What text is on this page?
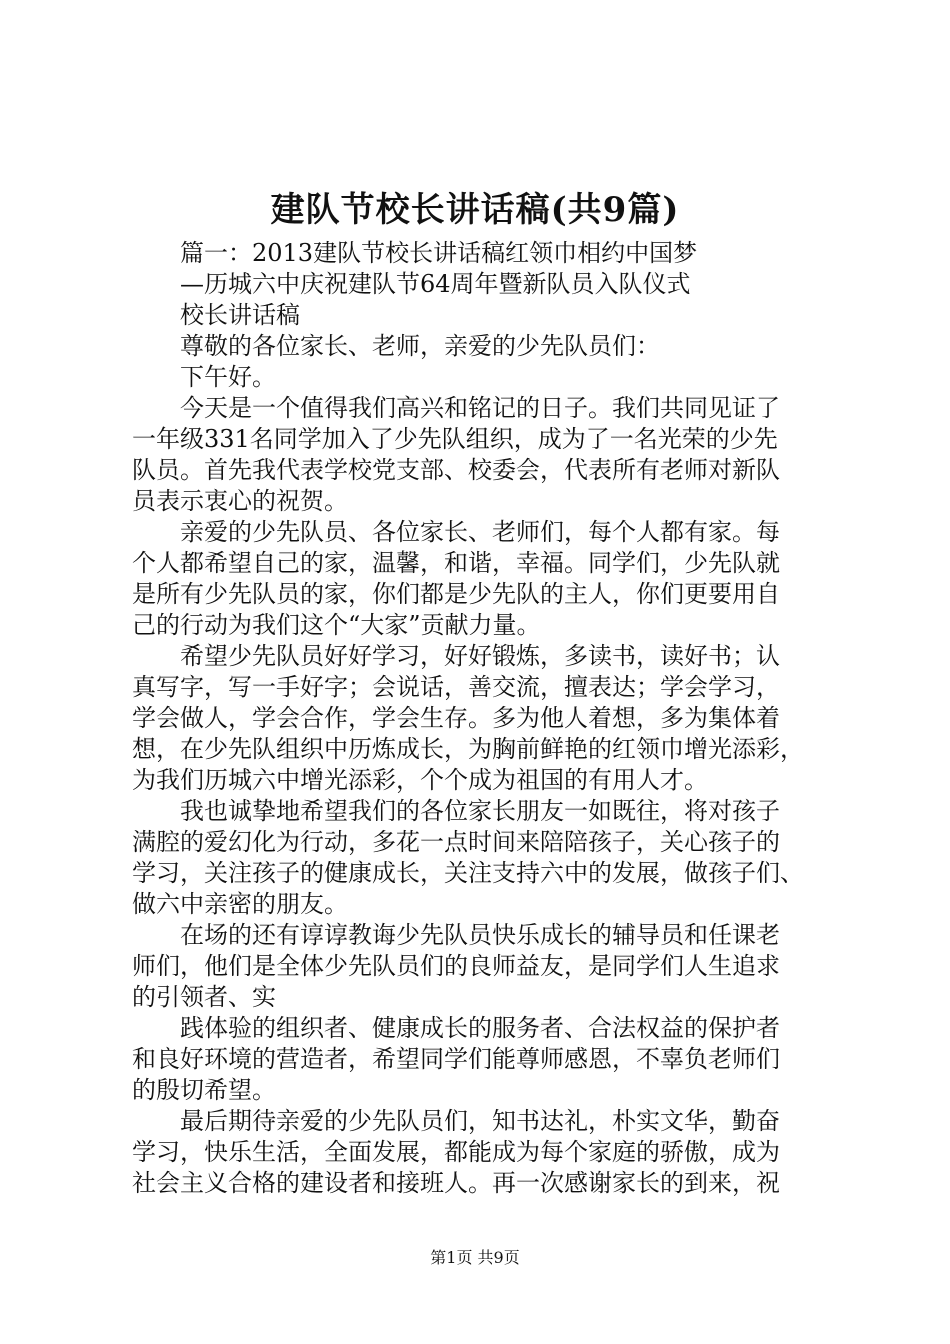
建队节校长讲话稿(共9篇)
篇一：2013建队节校长讲话稿红领巾相约中国梦
—历城六中庆祝建队节64周年暨新队员入队仪式
校长讲话稿
尊敬的各位家长、老师，亲爱的少先队员们：
下午好。
今天是一个值得我们高兴和铭记的日子。我们共同见证了
一年级331名同学加入了少先队组织，成为了一名光荣的少先
队员。首先我代表学校党支部、校委会，代表所有老师对新队
员表示衷心的祝贺。
亲爱的少先队员、各位家长、老师们，每个人都有家。每
个人都希望自己的家，温馨，和谐，幸福。同学们，少先队就
是所有少先队员的家，你们都是少先队的主人，你们更要用自
己的行动为我们这个“大家”贡献力量。
希望少先队员好好学习，好好锻炼，多读书，读好书；认
真写字，写一手好字；会说话，善交流，擅表达；学会学习，
学会做人，学会合作，学会生存。多为他人着想，多为集体着
想，在少先队组织中历炼成长，为胸前鲜艳的红领巾增光添彩，
为我们历城六中增光添彩，个个成为祖国的有用人才。
我也诚挚地希望我们的各位家长朋友一如既往，将对孩子
满腔的爱幻化为行动，多花一点时间来陪陪孩子，关心孩子的
学习，关注孩子的健康成长，关注支持六中的发展，做孩子们、
做六中亲密的朋友。
在场的还有谆谆教诲少先队员快乐成长的辅导员和任课老
师们，他们是全体少先队员们的良师益友，是同学们人生追求
的引领者、实
践体验的组织者、健康成长的服务者、合法权益的保护者
和良好环境的营造者，希望同学们能尊师感恩，不辜负老师们
的殷切希望。
最后期待亲爱的少先队员们，知书达礼，朴实文华，勤奋
学习，快乐生活，全面发展，都能成为每个家庭的骄傲，成为
社会主义合格的建设者和接班人。再一次感谢家长的到来，祝
第1页 共9页
